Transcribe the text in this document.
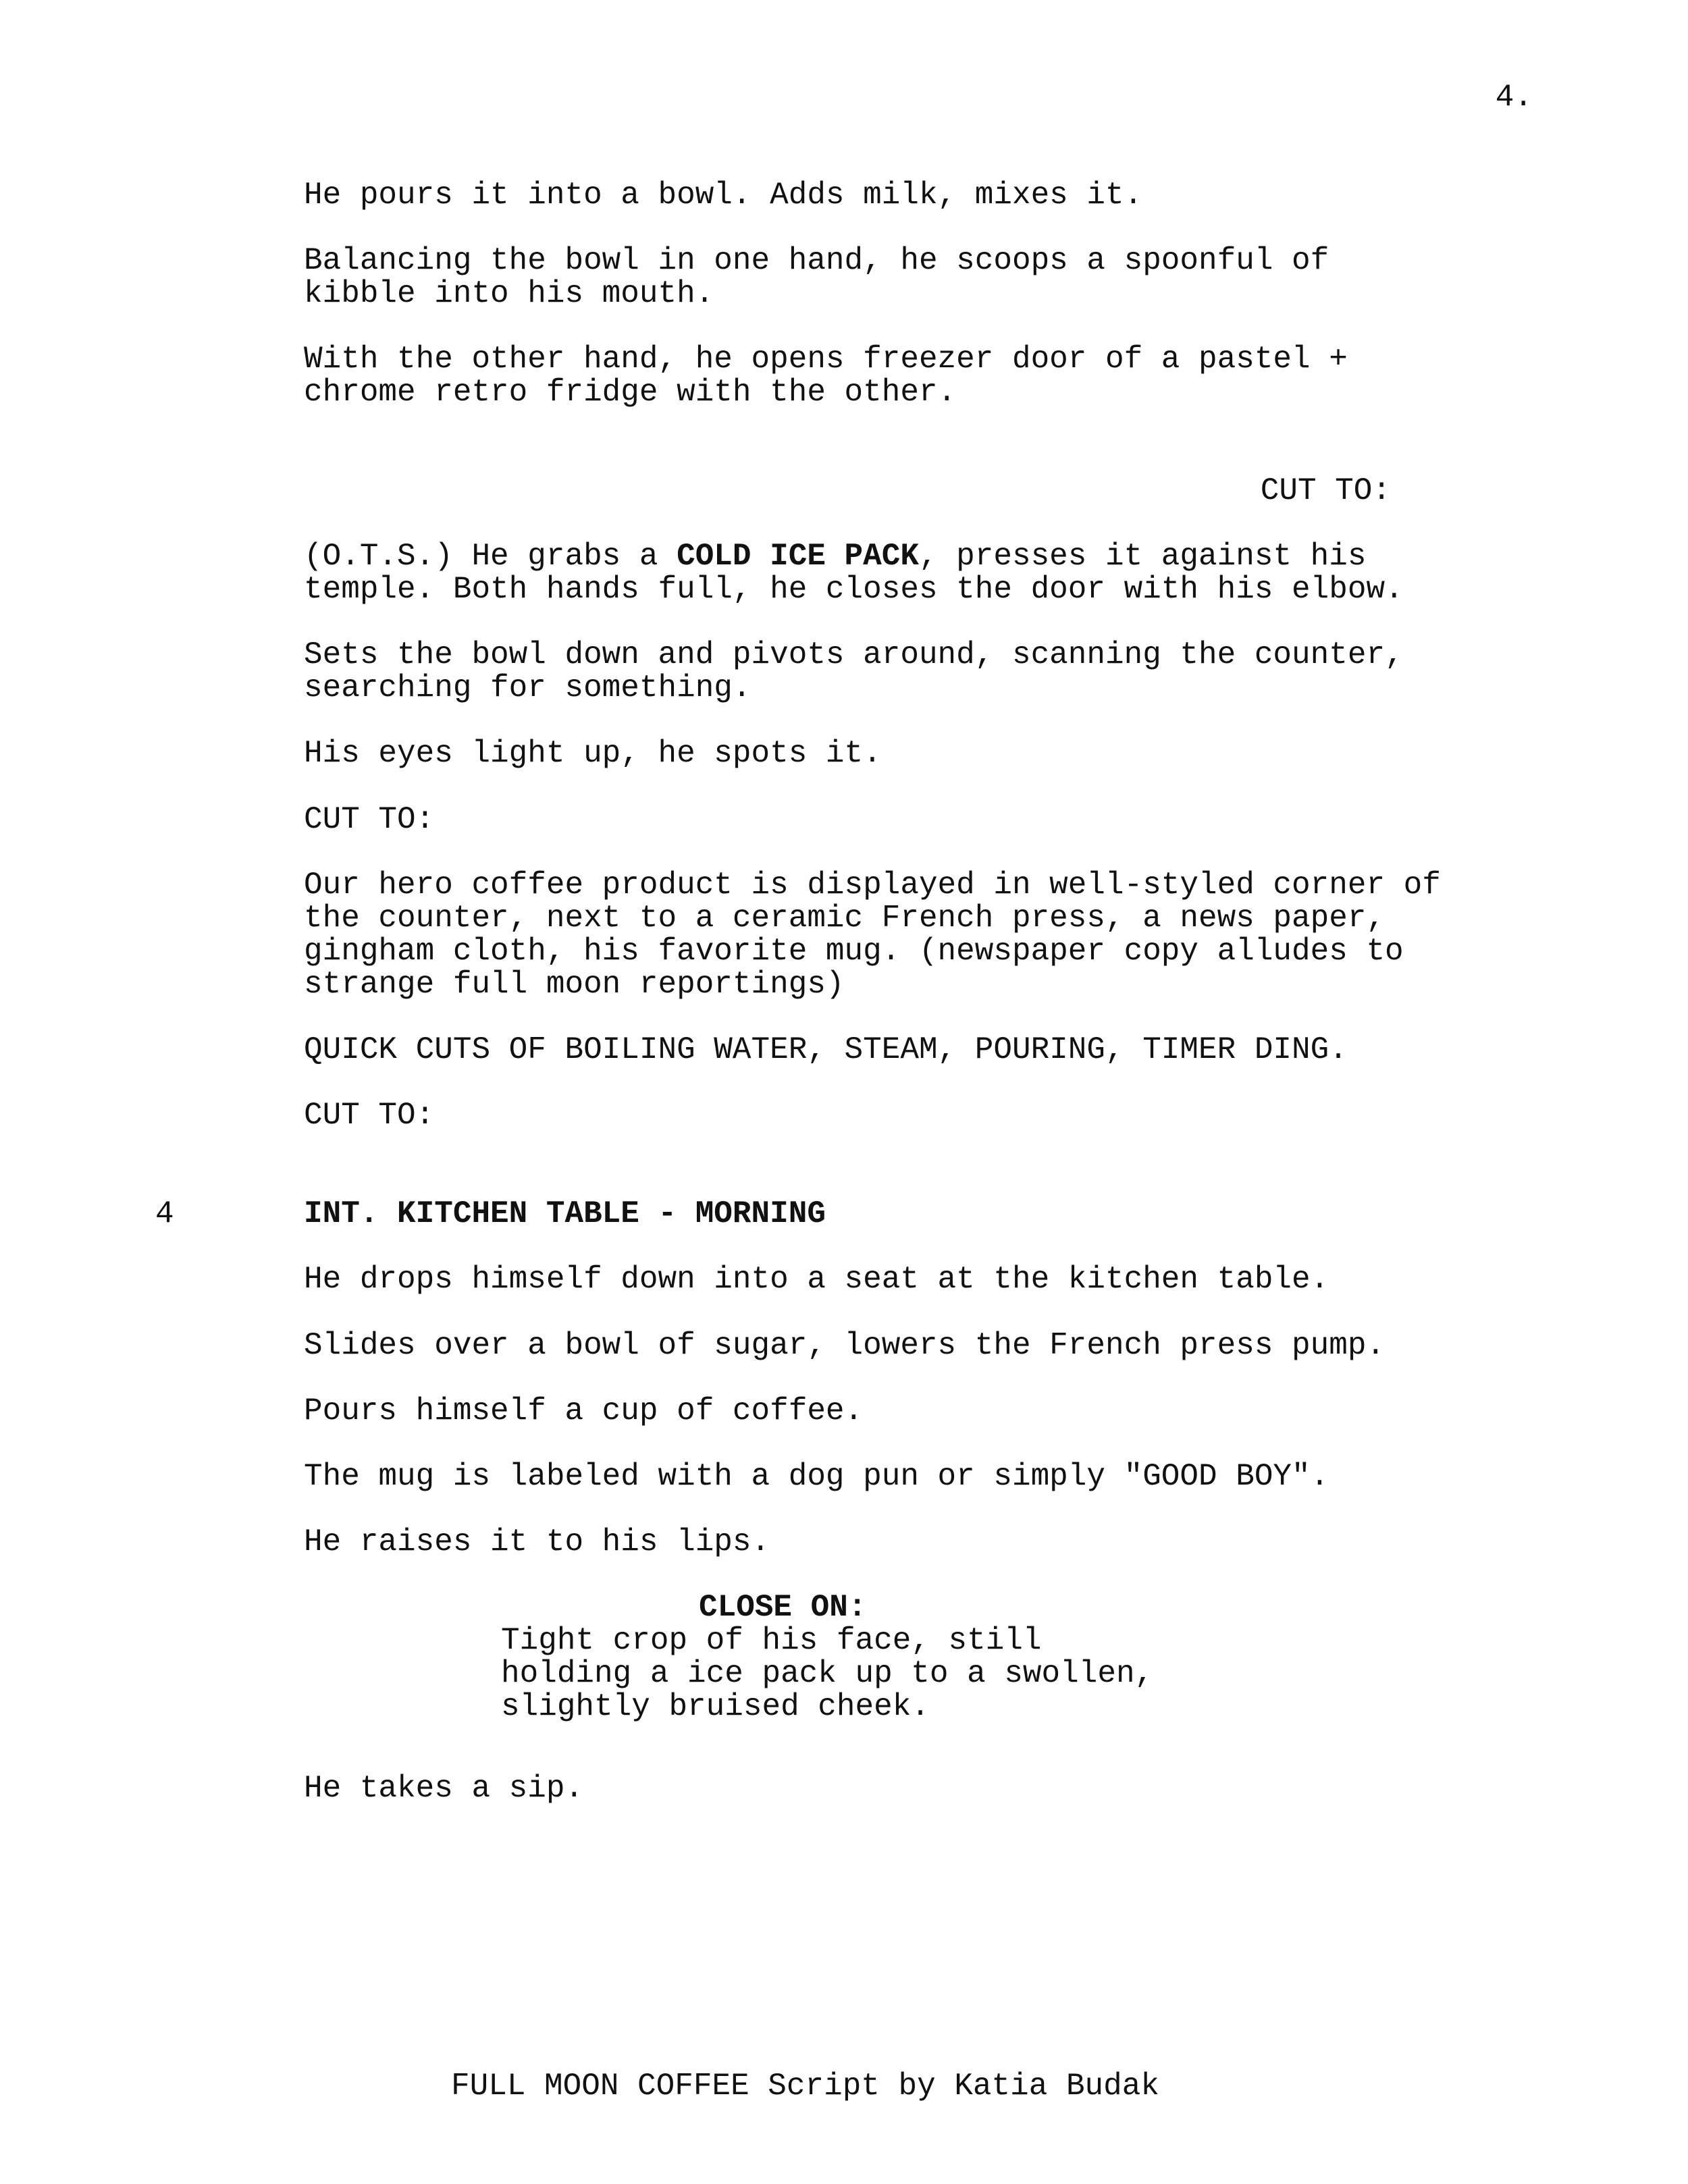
4.
He pours it into a bowl. Adds milk, mixes it.
Balancing the bowl in one hand, he scoops a spoonful of
kibble into his mouth.
With the other hand, he opens freezer door of a pastel +
chrome retro fridge with the other.
CUT TO:
(O.T.S.) He grabs a COLD ICE PACK, presses it against his
temple. Both hands full, he closes the door with his elbow.
Sets the bowl down and pivots around, scanning the counter,
searching for something.
His eyes light up, he spots it.
CUT TO:
Our hero coffee product is displayed in well-styled corner of
the counter, next to a ceramic French press, a news paper,
gingham cloth, his favorite mug. (newspaper copy alludes to
strange full moon reportings)
QUICK CUTS OF BOILING WATER, STEAM, POURING, TIMER DING.
CUT TO:
4	INT. KITCHEN TABLE - MORNING
He drops himself down into a seat at the kitchen table.
Slides over a bowl of sugar, lowers the French press pump.
Pours himself a cup of coffee.
The mug is labeled with a dog pun or simply "GOOD BOY".
He raises it to his lips.
CLOSE ON:
Tight crop of his face, still
holding a ice pack up to a swollen,
slightly bruised cheek.
He takes a sip.
FULL MOON COFFEE Script by Katia Budak
